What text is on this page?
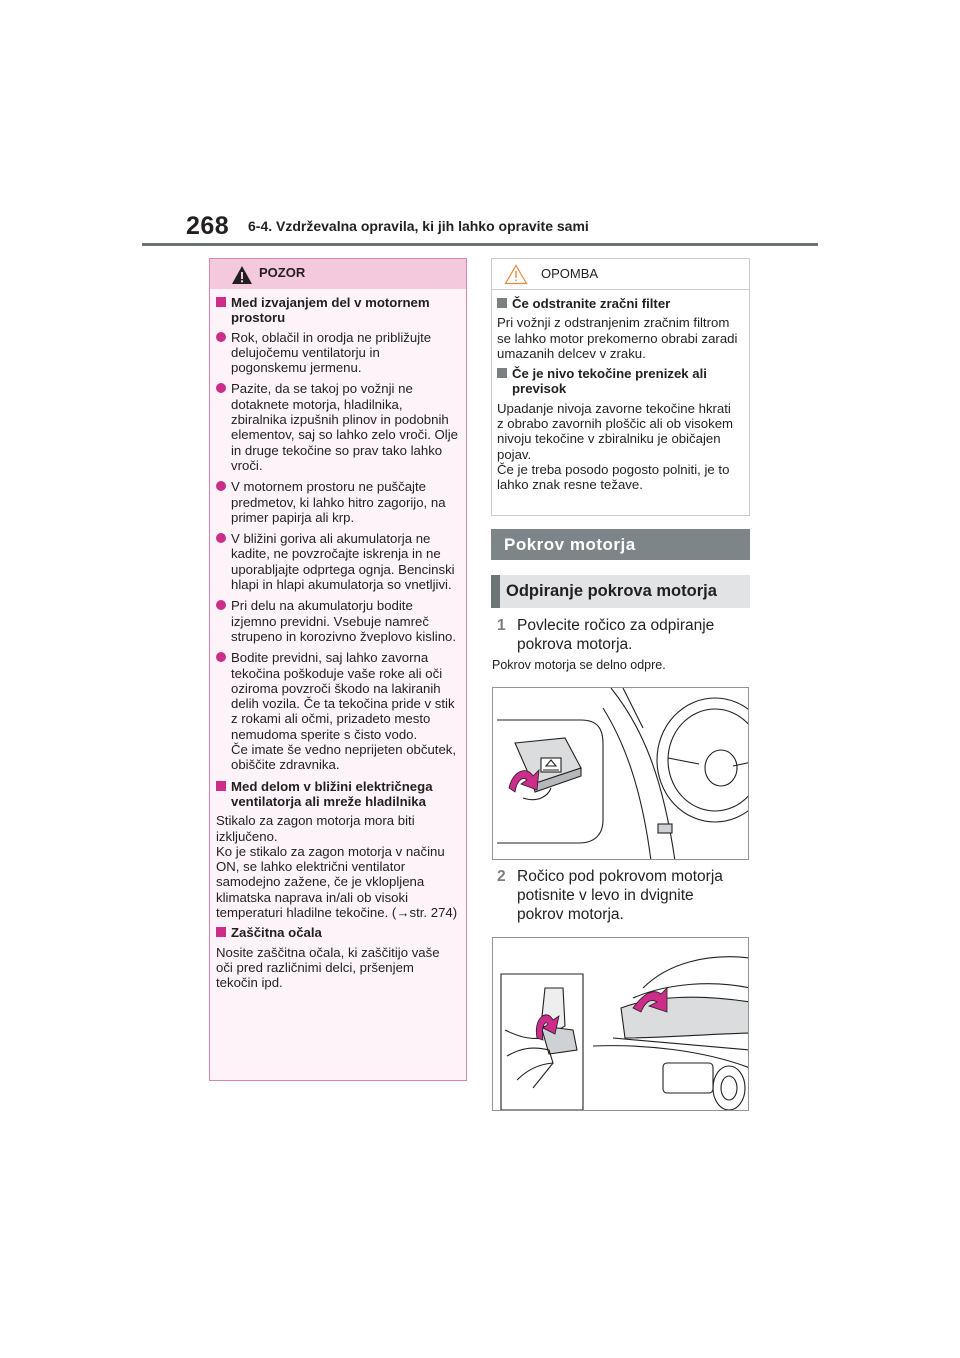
268 6-4. Vzdrževalna opravila, ki jih lahko opravite sami
POZOR
Med izvajanjem del v motornem prostoru
Rok, oblačil in orodja ne približujte delujočemu ventilatorju in pogonskemu jermenu.
Pazite, da se takoj po vožnji ne dotaknete motorja, hladilnika, zbiralnika izpušnih plinov in podobnih elementov, saj so lahko zelo vroči. Olje in druge tekočine so prav tako lahko vroči.
V motornem prostoru ne puščajte predmetov, ki lahko hitro zagorijo, na primer papirja ali krp.
V bližini goriva ali akumulatorja ne kadite, ne povzročajte iskrenja in ne uporabljajte odprtega ognja. Bencinski hlapi in hlapi akumulatorja so vnetljivi.
Pri delu na akumulatorju bodite izjemno previdni. Vsebuje namreč strupeno in korozivno žveplovo kislino.
Bodite previdni, saj lahko zavorna tekočina poškoduje vaše roke ali oči oziroma povzroči škodo na lakiranih delih vozila. Če ta tekočina pride v stik z rokami ali očmi, prizadeto mesto nemudoma sperite s čisto vodo.
Če imate še vedno neprijeten občutek, obiščite zdravnika.
Med delom v bližini električnega ventilatorja ali mreže hladilnika
Stikalo za zagon motorja mora biti izključeno.
Ko je stikalo za zagon motorja v načinu ON, se lahko električni ventilator samodejno zažene, če je vklopljena klimatska naprava in/ali ob visoki temperaturi hladilne tekočine. (→str. 274)
Zaščitna očala
Nosite zaščitna očala, ki zaščitijo vaše oči pred različnimi delci, pršenjem tekočin ipd.
OPOMBA
Če odstranite zračni filter
Pri vožnji z odstranjenim zračnim filtrom se lahko motor prekomerno obrabi zaradi umazanih delcev v zraku.
Če je nivo tekočine prenizek ali previsok
Upadanje nivoja zavorne tekočine hkrati z obrabo zavornih ploščic ali ob visokem nivoju tekočine v zbiralniku je običajen pojav.
Če je treba posodo pogosto polniti, je to lahko znak resne težave.
Pokrov motorja
Odpiranje pokrova motorja
1 Povlecite ročico za odpiranje pokrova motorja.
Pokrov motorja se delno odpre.
2 Ročico pod pokrovom motorja potisnite v levo in dvignite pokrov motorja.
